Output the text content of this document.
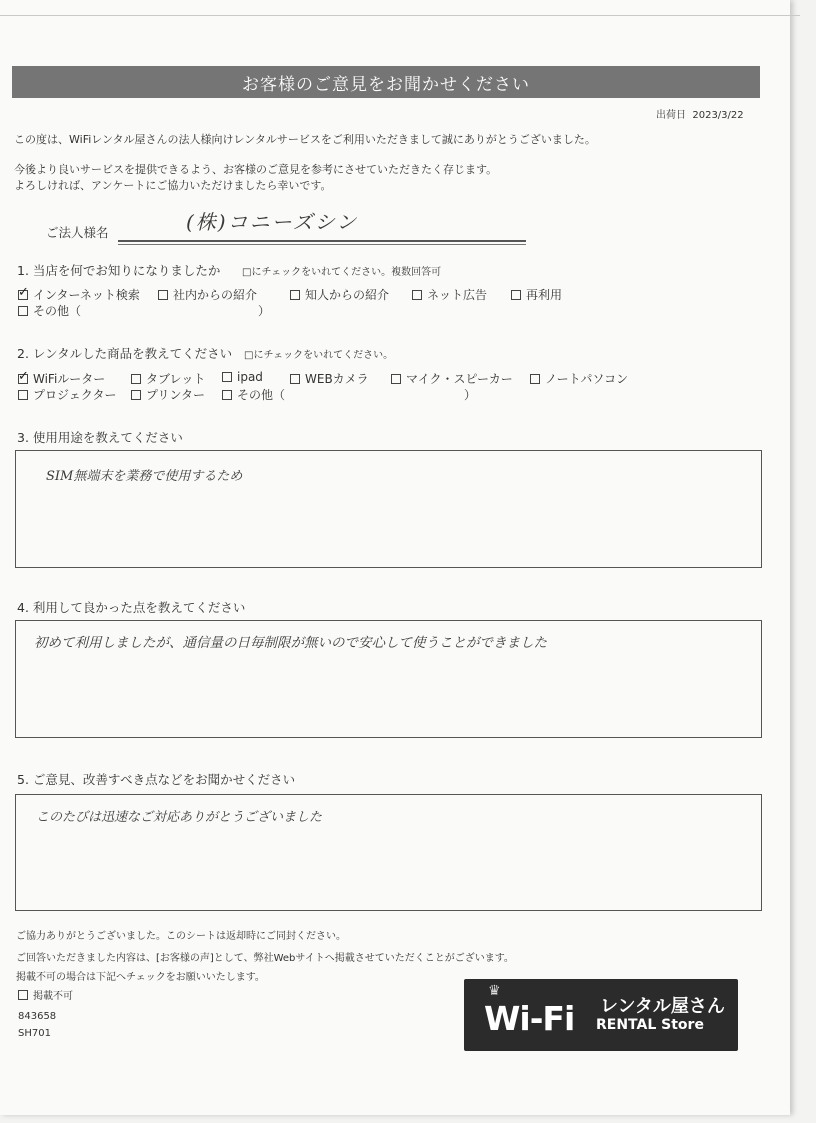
お客様のご意見をお聞かせください
出荷日 2023/3/22
この度は、WiFiレンタル屋さんの法人様向けレンタルサービスをご利用いただきまして誠にありがとうございました。
今後より良いサービスを提供できるよう、お客様のご意見を参考にさせていただきたく存じます。
よろしければ、アンケートにご協力いただけましたら幸いです。
ご法人様名	(株)コニーズシン
1. 当店を何でお知りになりましたか □にチェックをいれてください。複数回答可
✓ インターネット検索	社内からの紹介	知人からの紹介	ネット広告	再利用
その他（	）
2. レンタルした商品を教えてください □にチェックをいれてください。
✓ WiFiルーター	タブレット	ipad	WEBカメラ	マイク・スピーカー	ノートパソコン
プロジェクター	プリンター	その他（	）
3. 使用用途を教えてください
SIM無端末を業務で使用するため
4. 利用して良かった点を教えてください
初めて利用しましたが、通信量の日毎制限が無いので安心して使うことができました
5. ご意見、改善すべき点などをお聞かせください
このたびは迅速なご対応ありがとうございました
ご協力ありがとうございました。このシートは返却時にご同封ください。
ご回答いただきました内容は、[お客様の声]として、弊社Webサイトへ掲載させていただくことがございます。
掲載不可の場合は下記へチェックをお願いいたします。
掲載不可
843658
SH701
♛
Wi-Fi レンタル屋さん
RENTAL Store
